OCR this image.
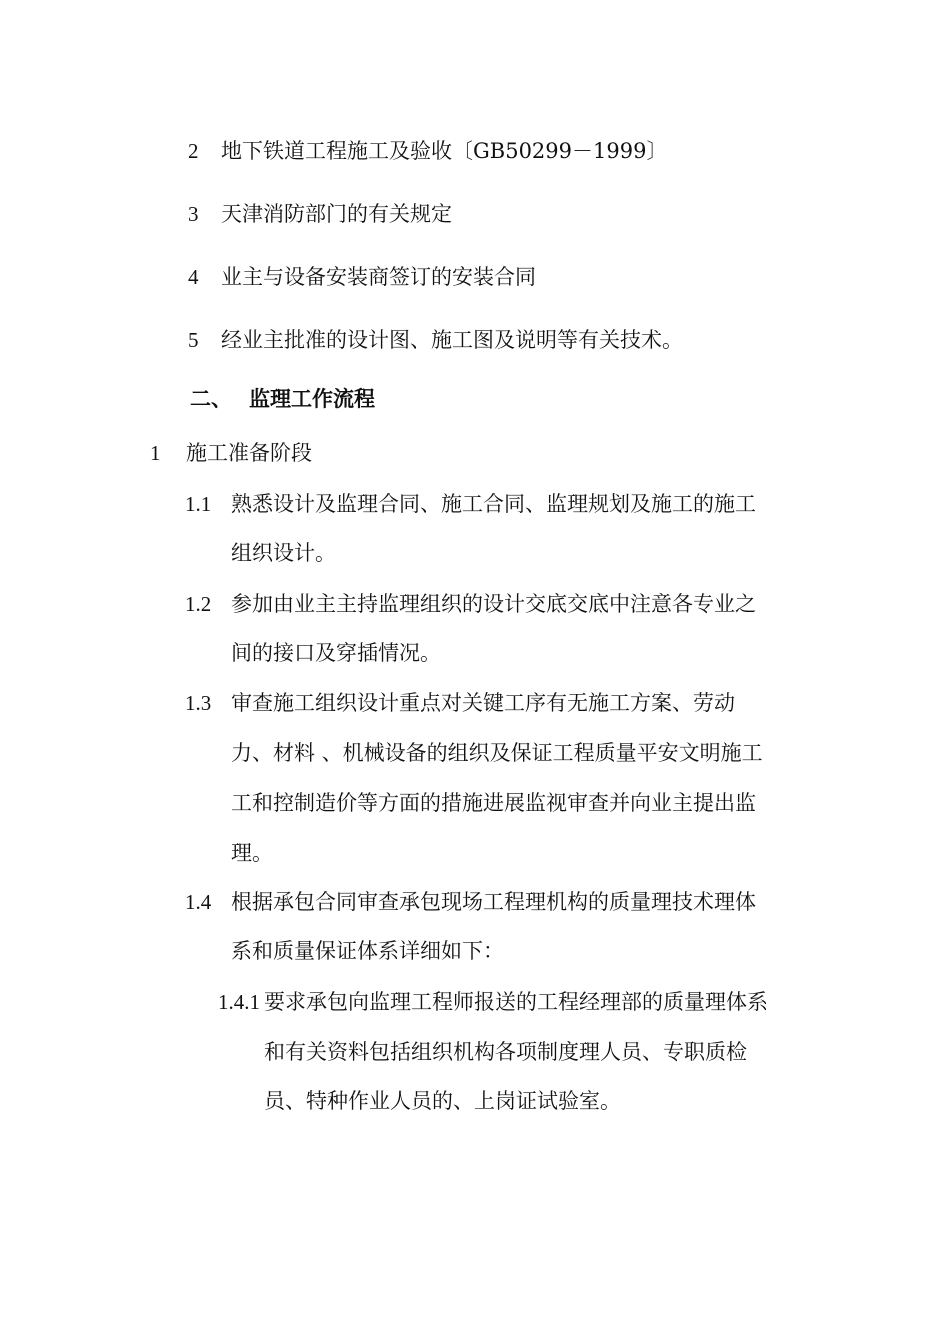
2 地下铁道工程施工及验收〔GB50299－1999〕
3 天津消防部门的有关规定
4 业主与设备安装商签订的安装合同
5 经业主批准的设计图、施工图及说明等有关技术。
二、 监理工作流程
1 施工准备阶段
1.1 熟悉设计及监理合同、施工合同、监理规划及施工的施工
组织设计。
1.2 参加由业主主持监理组织的设计交底交底中注意各专业之
间的接口及穿插情况。
1.3 审查施工组织设计重点对关键工序有无施工方案、劳动
力、材料 、机械设备的组织及保证工程质量平安文明施工
工和控制造价等方面的措施进展监视审查并向业主提出监
理。
1.4 根据承包合同审查承包现场工程理机构的质量理技术理体
系和质量保证体系详细如下：
1.4.1 要求承包向监理工程师报送的工程经理部的质量理体系
和有关资料包括组织机构各项制度理人员、专职质检
员、特种作业人员的、上岗证试验室。
